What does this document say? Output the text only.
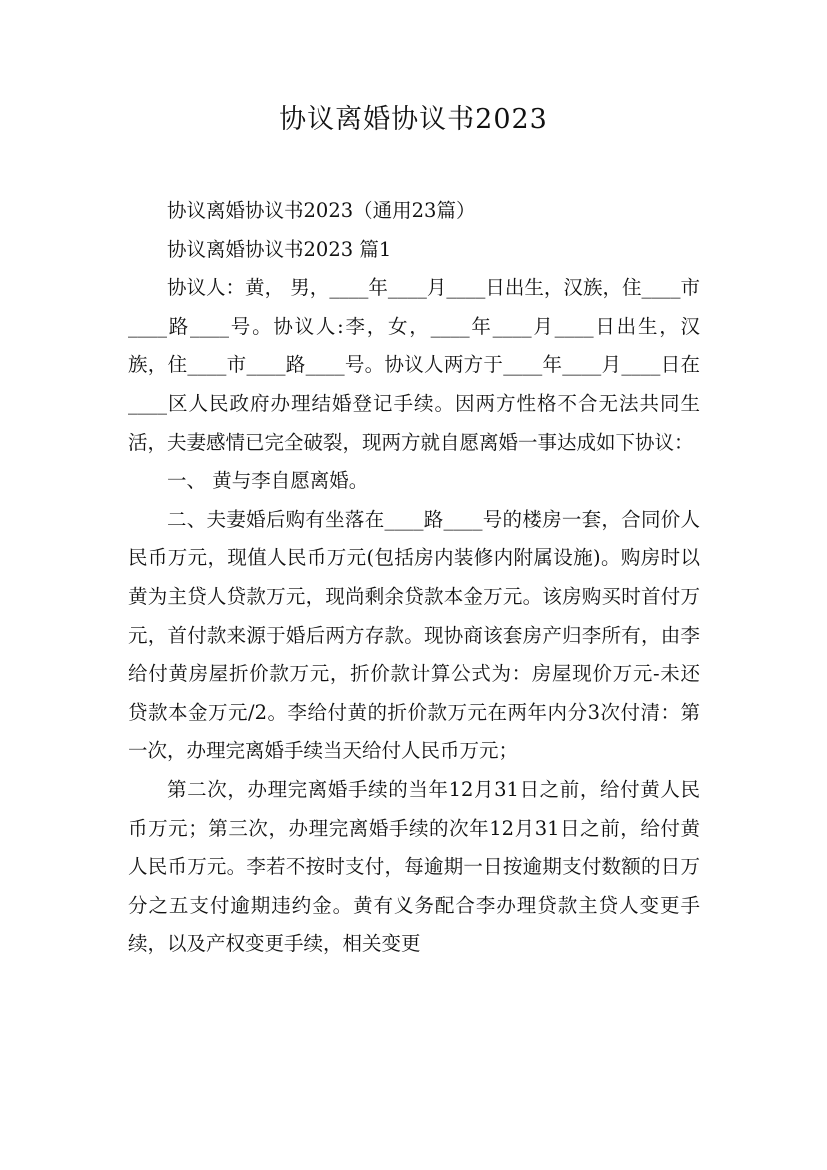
协议离婚协议书2023

协议离婚协议书2023（通用23篇）

协议离婚协议书2023 篇1

协议人：黄， 男，____年____月____日出生，汉族，住____市____路____号。协议人:李，女，____年____月____日出生，汉族，住____市____路____号。协议人两方于____年____月____日在____区人民政府办理结婚登记手续。因两方性格不合无法共同生活，夫妻感情已完全破裂，现两方就自愿离婚一事达成如下协议：

一、 黄与李自愿离婚。

二、夫妻婚后购有坐落在____路____号的楼房一套，合同价人民币万元，现值人民币万元(包括房内装修内附属设施)。购房时以黄为主贷人贷款万元，现尚剩余贷款本金万元。该房购买时首付万元，首付款来源于婚后两方存款。现协商该套房产归李所有，由李给付黄房屋折价款万元，折价款计算公式为：房屋现价万元-未还贷款本金万元/2。李给付黄的折价款万元在两年内分3次付清：第一次，办理完离婚手续当天给付人民币万元；

第二次，办理完离婚手续的当年12月31日之前，给付黄人民币万元；第三次，办理完离婚手续的次年12月31日之前，给付黄人民币万元。李若不按时支付，每逾期一日按逾期支付数额的日万分之五支付逾期违约金。黄有义务配合李办理贷款主贷人变更手续，以及产权变更手续，相关变更
